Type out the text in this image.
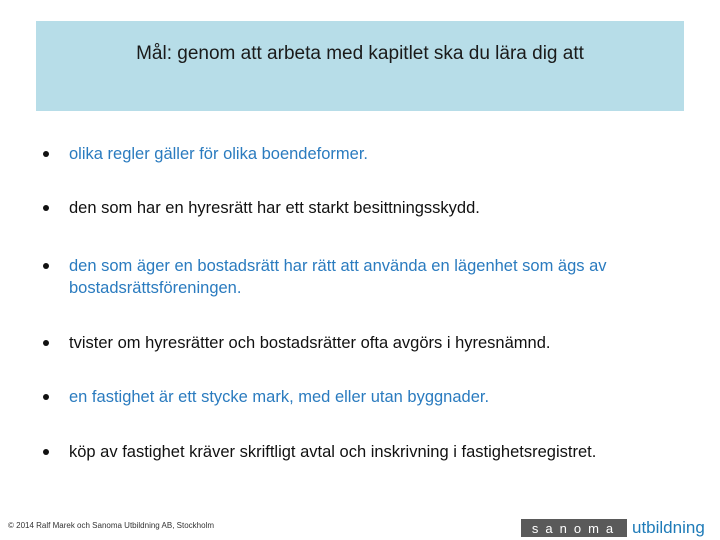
Mål: genom att arbeta med kapitlet ska du lära dig att
olika regler gäller för olika boendeformer.
den som har en hyresrätt har ett starkt besittningsskydd.
den som äger en bostadsrätt har rätt att använda en lägenhet som ägs av bostadsrättsföreningen.
tvister om hyresrätter och bostadsrätter ofta avgörs i hyresnämnd.
en fastighet är ett stycke mark, med eller utan byggnader.
köp av fastighet kräver skriftligt avtal och inskrivning i fastighetsregistret.
© 2014 Ralf Marek och Sanoma Utbildning AB, Stockholm	sanoma utbildning
